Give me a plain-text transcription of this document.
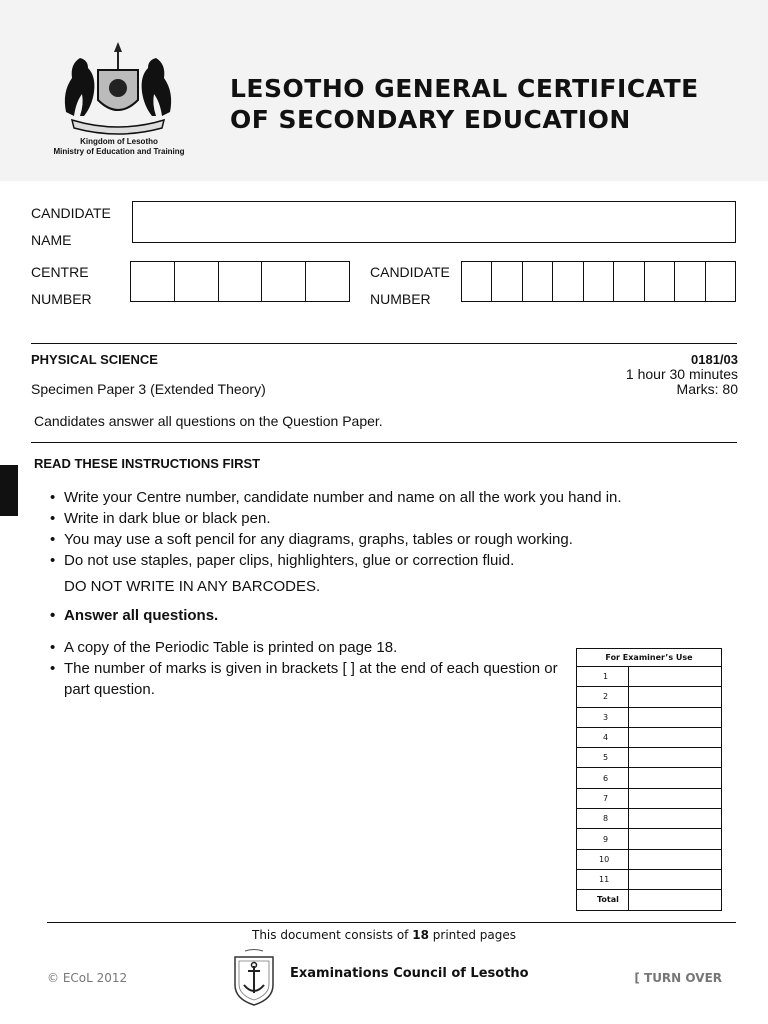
Kingdom of Lesotho
Ministry of Education and Training
LESOTHO GENERAL CERTIFICATE
OF SECONDARY EDUCATION
CANDIDATE
NAME
CENTRE
NUMBER
CANDIDATE
NUMBER
PHYSICAL SCIENCE
Specimen Paper 3 (Extended Theory)
0181/03
1 hour 30 minutes
Marks: 80
Candidates answer all questions on the Question Paper.
READ THESE INSTRUCTIONS FIRST
• Write your Centre number, candidate number and name on all the work you hand in.
• Write in dark blue or black pen.
• You may use a soft pencil for any diagrams, graphs, tables or rough working.
• Do not use staples, paper clips, highlighters, glue or correction fluid.
DO NOT WRITE IN ANY BARCODES.
• Answer all questions.
• A copy of the Periodic Table is printed on page 18.
• The number of marks is given in brackets [ ] at the end of each question or part question.
For Examiner’s Use	
1	
2	
3	
4	
5	
6	
7	
8	
9	
10	
11	
Total	
This document consists of 18 printed pages
© ECoL 2012	Examinations Council of Lesotho	[ TURN OVER
